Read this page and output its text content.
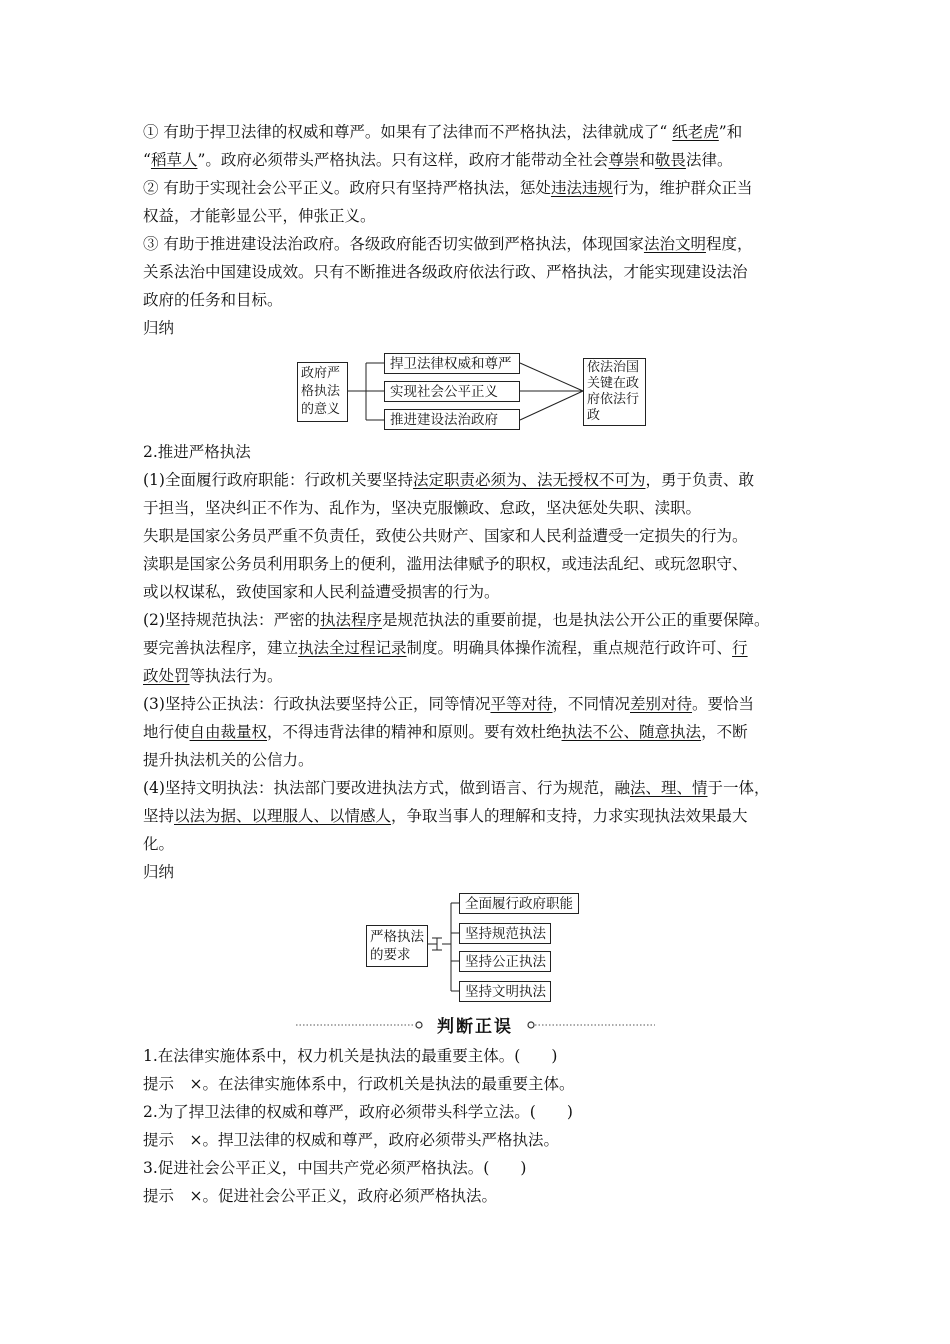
① 有助于捍卫法律的权威和尊严。如果有了法律而不严格执法，法律就成了“ 纸老虎”和
“稻草人”。政府必须带头严格执法。只有这样，政府才能带动全社会尊崇和敬畏法律。
② 有助于实现社会公平正义。政府只有坚持严格执法，惩处违法违规行为，维护群众正当
权益，才能彰显公平，伸张正义。
③ 有助于推进建设法治政府。各级政府能否切实做到严格执法，体现国家法治文明程度，
关系法治中国建设成效。只有不断推进各级政府依法行政、严格执法，才能实现建设法治
政府的任务和目标。
归纳
政府严格执法的意义
捍卫法律权威和尊严
实现社会公平正义
推进建设法治政府
依法治国关键在政府依法行政
2.推进严格执法
(1)全面履行政府职能：行政机关要坚持法定职责必须为、法无授权不可为，勇于负责、敢
于担当，坚决纠正不作为、乱作为，坚决克服懒政、怠政，坚决惩处失职、渎职。
失职是国家公务员严重不负责任，致使公共财产、国家和人民利益遭受一定损失的行为。
渎职是国家公务员利用职务上的便利，滥用法律赋予的职权，或违法乱纪、或玩忽职守、
或以权谋私，致使国家和人民利益遭受损害的行为。
(2)坚持规范执法：严密的执法程序是规范执法的重要前提，也是执法公开公正的重要保障。
要完善执法程序，建立执法全过程记录制度。明确具体操作流程，重点规范行政许可、行
政处罚等执法行为。
(3)坚持公正执法：行政执法要坚持公正，同等情况平等对待，不同情况差别对待。要恰当
地行使自由裁量权，不得违背法律的精神和原则。要有效杜绝执法不公、随意执法，不断
提升执法机关的公信力。
(4)坚持文明执法：执法部门要改进执法方式，做到语言、行为规范，融法、理、情于一体，
坚持以法为据、以理服人、以情感人，争取当事人的理解和支持，力求实现执法效果最大
化。
归纳
严格执法的要求
全面履行政府职能
坚持规范执法
坚持公正执法
坚持文明执法
判断正误
1.在法律实施体系中，权力机关是执法的最重要主体。(　　)
提示　×。在法律实施体系中，行政机关是执法的最重要主体。
2.为了捍卫法律的权威和尊严，政府必须带头科学立法。(　　)
提示　×。捍卫法律的权威和尊严，政府必须带头严格执法。
3.促进社会公平正义，中国共产党必须严格执法。(　　)
提示　×。促进社会公平正义，政府必须严格执法。
